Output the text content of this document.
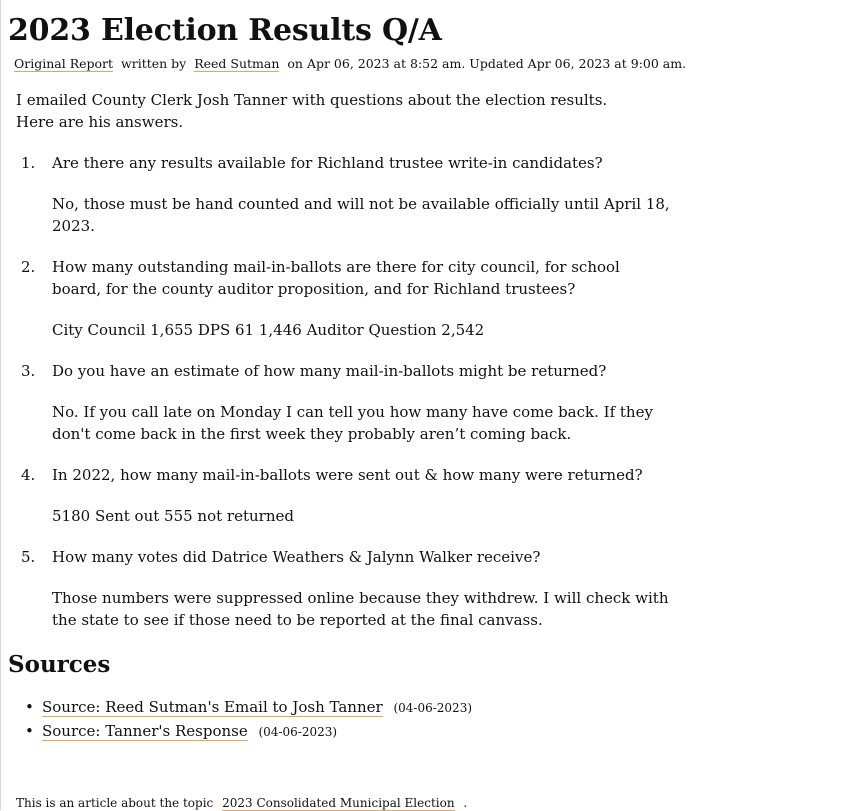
2023 Election Results Q/A
Original Report written by Reed Sutman on Apr 06, 2023 at 8:52 am. Updated Apr 06, 2023 at 9:00 am.

I emailed County Clerk Josh Tanner with questions about the election results. Here are his answers.

1. Are there any results available for Richland trustee write-in candidates?
No, those must be hand counted and will not be available officially until April 18, 2023.
2. How many outstanding mail-in-ballots are there for city council, for school board, for the county auditor proposition, and for Richland trustees?
City Council 1,655 DPS 61 1,446 Auditor Question 2,542
3. Do you have an estimate of how many mail-in-ballots might be returned?
No. If you call late on Monday I can tell you how many have come back. If they don't come back in the first week they probably aren’t coming back.
4. In 2022, how many mail-in-ballots were sent out & how many were returned?
5180 Sent out 555 not returned
5. How many votes did Datrice Weathers & Jalynn Walker receive?
Those numbers were suppressed online because they withdrew. I will check with the state to see if those need to be reported at the final canvass.
Sources
• Source: Reed Sutman's Email to Josh Tanner (04-06-2023)
• Source: Tanner's Response (04-06-2023)
This is an article about the topic 2023 Consolidated Municipal Election .
